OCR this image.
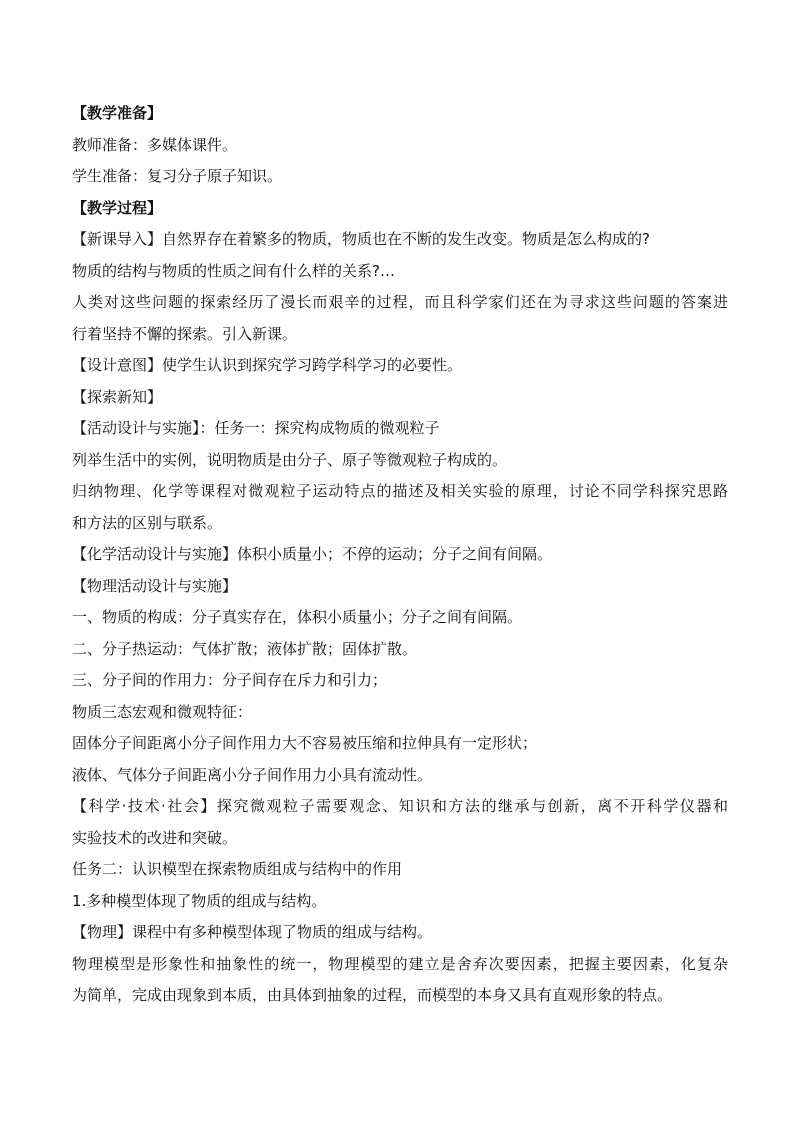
【教学准备】
教师准备：多媒体课件。
学生准备：复习分子原子知识。
【教学过程】
【新课导入】自然界存在着繁多的物质，物质也在不断的发生改变。物质是怎么构成的?
物质的结构与物质的性质之间有什么样的关系?…
人类对这些问题的探索经历了漫长而艰辛的过程，而且科学家们还在为寻求这些问题的答案进
行着坚持不懈的探索。引入新课。
【设计意图】使学生认识到探究学习跨学科学习的必要性。
【探索新知】
【活动设计与实施】：任务一：探究构成物质的微观粒子
列举生活中的实例，说明物质是由分子、原子等微观粒子构成的。
归纳物理、化学等课程对微观粒子运动特点的描述及相关实验的原理，讨论不同学科探究思路
和方法的区别与联系。
【化学活动设计与实施】体积小质量小；不停的运动；分子之间有间隔。
【物理活动设计与实施】
一、物质的构成：分子真实存在，体积小质量小；分子之间有间隔。
二、分子热运动：气体扩散；液体扩散；固体扩散。
三、分子间的作用力：分子间存在斥力和引力；
物质三态宏观和微观特征：
固体分子间距离小分子间作用力大不容易被压缩和拉伸具有一定形状；
液体、气体分子间距离小分子间作用力小具有流动性。
【科学·技术·社会】探究微观粒子需要观念、知识和方法的继承与创新，离不开科学仪器和
实验技术的改进和突破。
任务二：认识模型在探索物质组成与结构中的作用
1.多种模型体现了物质的组成与结构。
【物理】课程中有多种模型体现了物质的组成与结构。
物理模型是形象性和抽象性的统一，物理模型的建立是舍弃次要因素，把握主要因素，化复杂
为简单，完成由现象到本质，由具体到抽象的过程，而模型的本身又具有直观形象的特点。
